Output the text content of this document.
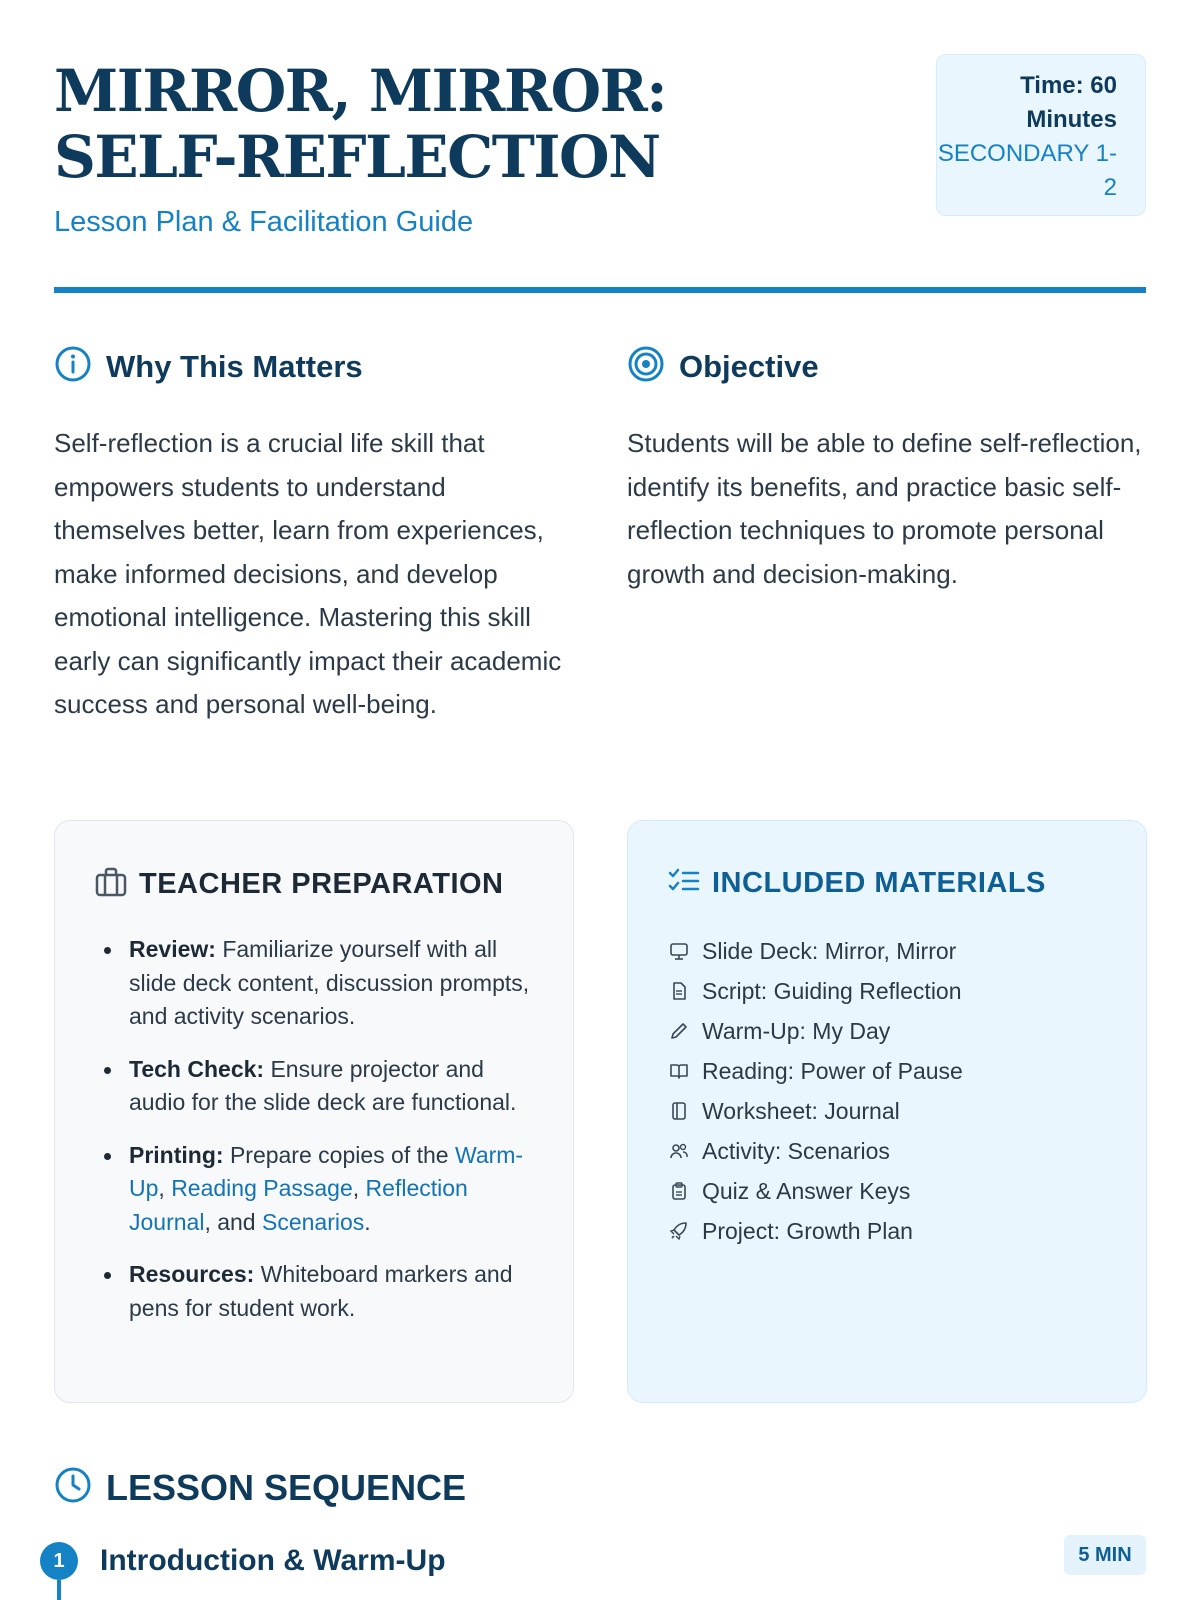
MIRROR, MIRROR: SELF-REFLECTION
Lesson Plan & Facilitation Guide
Time: 60 Minutes
SECONDARY 1-2
Why This Matters

Self-reflection is a crucial life skill that empowers students to understand themselves better, learn from experiences, make informed decisions, and develop emotional intelligence. Mastering this skill early can significantly impact their academic success and personal well-being.

Objective

Students will be able to define self-reflection, identify its benefits, and practice basic self-reflection techniques to promote personal growth and decision-making.

TEACHER PREPARATION
Review: Familiarize yourself with all slide deck content, discussion prompts, and activity scenarios.
Tech Check: Ensure projector and audio for the slide deck are functional.
Printing: Prepare copies of the Warm-Up, Reading Passage, Reflection Journal, and Scenarios.
Resources: Whiteboard markers and pens for student work.
INCLUDED MATERIALS
Slide Deck: Mirror, Mirror
Script: Guiding Reflection
Warm-Up: My Day
Reading: Power of Pause
Worksheet: Journal
Activity: Scenarios
Quiz & Answer Keys
Project: Growth Plan
LESSON SEQUENCE
1	Introduction & Warm-Up	5 MIN
